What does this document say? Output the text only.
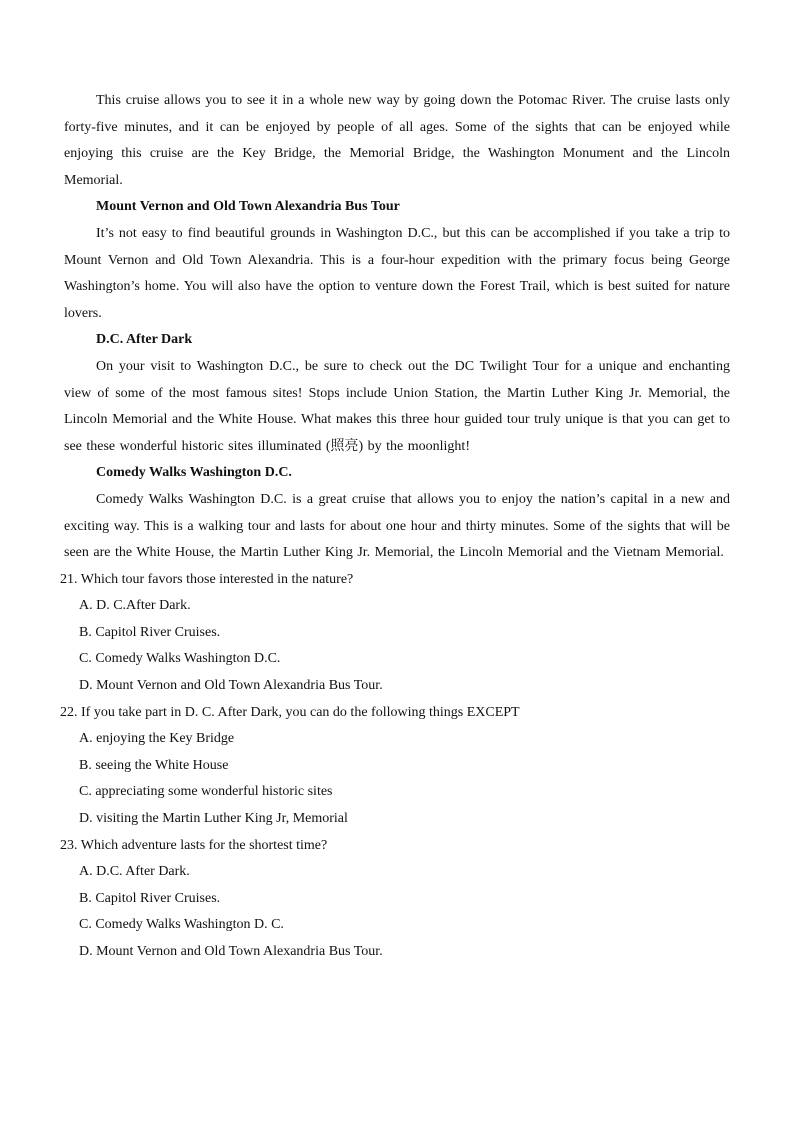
This cruise allows you to see it in a whole new way by going down the Potomac River. The cruise lasts only forty-five minutes, and it can be enjoyed by people of all ages. Some of the sights that can be enjoyed while enjoying this cruise are the Key Bridge, the Memorial Bridge, the Washington Monument and the Lincoln Memorial.

Mount Vernon and Old Town Alexandria Bus Tour

It’s not easy to find beautiful grounds in Washington D.C., but this can be accomplished if you take a trip to Mount Vernon and Old Town Alexandria. This is a four-hour expedition with the primary focus being George Washington’s home. You will also have the option to venture down the Forest Trail, which is best suited for nature lovers.

D.C. After Dark

On your visit to Washington D.C., be sure to check out the DC Twilight Tour for a unique and enchanting view of some of the most famous sites! Stops include Union Station, the Martin Luther King Jr. Memorial, the Lincoln Memorial and the White House. What makes this three hour guided tour truly unique is that you can get to see these wonderful historic sites illuminated (照亮) by the moonlight!

Comedy Walks Washington D.C.

Comedy Walks Washington D.C. is a great cruise that allows you to enjoy the nation’s capital in a new and exciting way. This is a walking tour and lasts for about one hour and thirty minutes. Some of the sights that will be seen are the White House, the Martin Luther King Jr. Memorial, the Lincoln Memorial and the Vietnam Memorial.

21. Which tour favors those interested in the nature?

A. D. C.After Dark.

B. Capitol River Cruises.

C. Comedy Walks Washington D.C.

D. Mount Vernon and Old Town Alexandria Bus Tour.

22. If you take part in D. C. After Dark, you can do the following things EXCEPT

A. enjoying the Key Bridge

B. seeing the White House

C. appreciating some wonderful historic sites

D. visiting the Martin Luther King Jr, Memorial

23. Which adventure lasts for the shortest time?

A. D.C. After Dark.

B. Capitol River Cruises.

C. Comedy Walks Washington D. C.

D. Mount Vernon and Old Town Alexandria Bus Tour.
